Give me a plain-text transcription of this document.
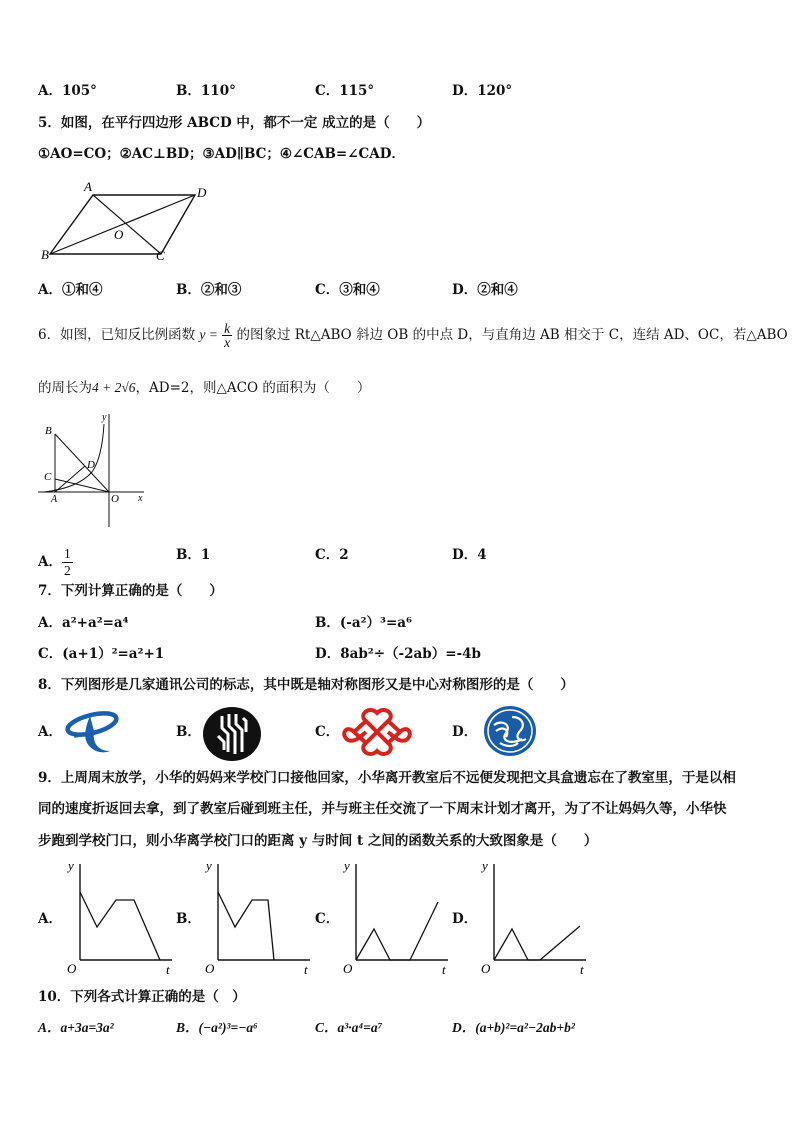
A．105°	B．110°	C．115°	D．120°
5．如图，在平行四边形 ABCD 中，都不一定 成立的是（　　）
①AO=CO；②AC⊥BD；③AD∥BC；④∠CAB=∠CAD．
A	D
B	C
O
A．①和④	B．②和③	C．③和④	D．②和④
6．如图，已知反比例函数 $y = \frac{k}{x}$ 的图象过 Rt△ABO 斜边 OB 的中点 D，与直角边 AB 相交于 C，连结 AD、OC，若△ABO
的周长为4 + 2√6，AD=2，则△ACO 的面积为（　　）
B
C
D
A	O x
y
A． $\frac{1}{2}$	B．1	C．2	D．4
7．下列计算正确的是（　　）
A．a²+a²=a⁴	B．(-a²）³=a⁶
C．(a+1）²=a²+1	D．8ab²÷（-2ab）=-4b
8．下列图形是几家通讯公司的标志，其中既是轴对称图形又是中心对称图形的是（　　）
A．	B．	C．	D．
9．上周周末放学，小华的妈妈来学校门口接他回家，小华离开教室后不远便发现把文具盒遗忘在了教室里，于是以相
同的速度折返回去拿，到了教室后碰到班主任，并与班主任交流了一下周末计划才离开，为了不让妈妈久等，小华快
步跑到学校门口，则小华离学校门口的距离 y 与时间 t 之间的函数关系的大致图象是（　　）
A．
y
t
O
B．
y
t
O
C．
y
t
O
D．
y
t
O
10．下列各式计算正确的是（　）
A．a+3a=3a²	B．(−a²)³=−a⁶	C．a³·a⁴=a⁷	D．(a+b)²=a²−2ab+b²
